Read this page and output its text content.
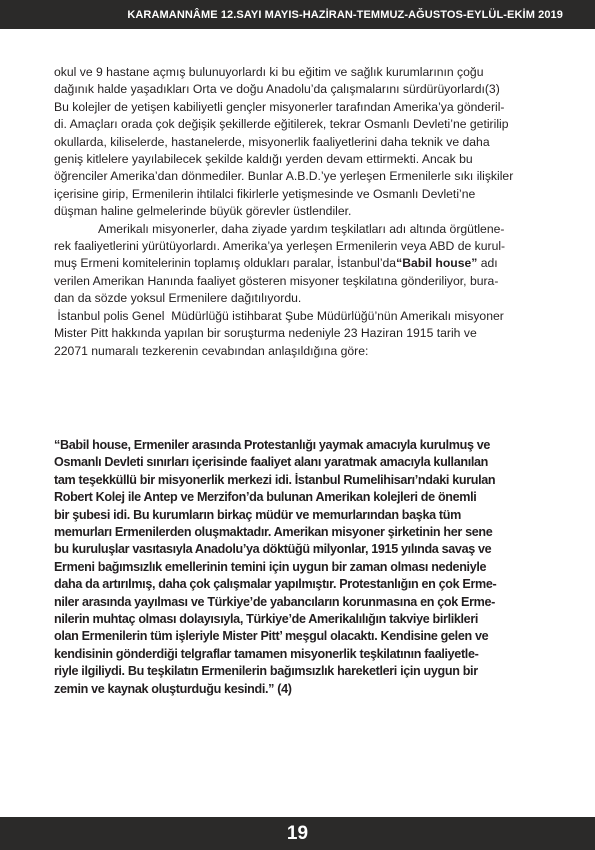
KARAMANNÂME 12.SAYI MAYIS-HAZİRAN-TEMMUZ-AĞUSTOS-EYLÜL-EKİM 2019
okul ve 9 hastane açmış bulunuyorlardı ki bu eğitim ve sağlık kurumlarının çoğu
dağınık halde yaşadıkları Orta ve doğu Anadolu’da çalışmalarını sürdürüyorlardı(3)
Bu kolejler de yetişen kabiliyetli gençler misyonerler tarafından Amerika’ya gönderil-
di. Amaçları orada çok değişik şekillerde eğitilerek, tekrar Osmanlı Devleti’ne getirilip
okullarda, kiliselerde, hastanelerde, misyonerlik faaliyetlerini daha teknik ve daha
geniş kitlelere yayılabilecek şekilde kaldığı yerden devam ettirmekti. Ancak bu
öğrenciler Amerika’dan dönmediler. Bunlar A.B.D.’ye yerleşen Ermenilerle sıkı ilişkiler
içerisine girip, Ermenilerin ihtilalci fikirlerle yetişmesinde ve Osmanlı Devleti’ne
düşman haline gelmelerinde büyük görevler üstlendiler.
Amerikalı misyonerler, daha ziyade yardım teşkilatları adı altında örgütlene-
rek faaliyetlerini yürütüyorlardı. Amerika’ya yerleşen Ermenilerin veya ABD de kurul-
muş Ermeni komitelerinin toplamış oldukları paralar, İstanbul’da“Babil house” adı
verilen Amerikan Hanında faaliyet gösteren misyoner teşkilatına gönderiliyor, bura-
dan da sözde yoksul Ermenilere dağıtılıyordu.
İstanbul polis Genel  Müdürlüğü istihbarat Şube Müdürlüğü’nün Amerikalı misyoner
Mister Pitt hakkında yapılan bir soruşturma nedeniyle 23 Haziran 1915 tarih ve
22071 numaralı tezkerenin cevabından anlaşıldığına göre:
“Babil house, Ermeniler arasında Protestanlığı yaymak amacıyla kurulmuş ve
Osmanlı Devleti sınırları içerisinde faaliyet alanı yaratmak amacıyla kullanılan
tam teşekküllü bir misyonerlik merkezi idi. İstanbul Rumelihisarı’ndaki kurulan
Robert Kolej ile Antep ve Merzifon’da bulunan Amerikan kolejleri de önemli
bir şubesi idi. Bu kurumların birkaç müdür ve memurlarından başka tüm
memurları Ermenilerden oluşmaktadır. Amerikan misyoner şirketinin her sene
bu kuruluşlar vasıtasıyla Anadolu’ya döktüğü milyonlar, 1915 yılında savaş ve
Ermeni bağımsızlık emellerinin temini için uygun bir zaman olması nedeniyle
daha da artırılmış, daha çok çalışmalar yapılmıştır. Protestanlığın en çok Erme-
niler arasında yayılması ve Türkiye’de yabancıların korunmasına en çok Erme-
nilerin muhtaç olması dolayısıyla, Türkiye’de Amerikalılığın takviye birlikleri
olan Ermenilerin tüm işleriyle Mister Pitt’ meşgul olacaktı. Kendisine gelen ve
kendisinin gönderdiği telgraflar tamamen misyonerlik teşkilatının faaliyetle-
riyle ilgiliydi. Bu teşkilatın Ermenilerin bağımsızlık hareketleri için uygun bir
zemin ve kaynak oluşturduğu kesindi.” (4)
19
